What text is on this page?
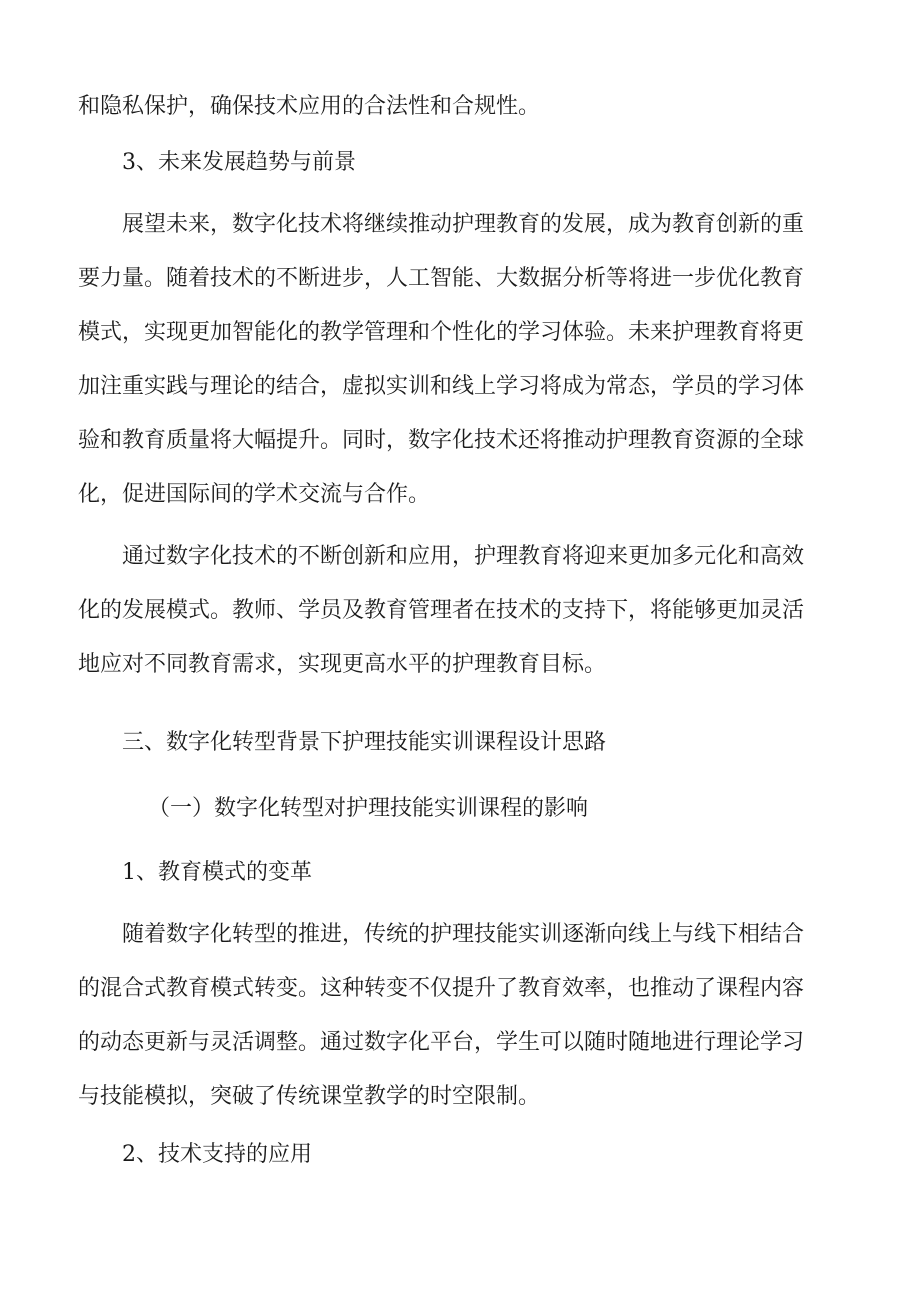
和隐私保护，确保技术应用的合法性和合规性。
3、未来发展趋势与前景
展望未来，数字化技术将继续推动护理教育的发展，成为教育创新的重
要力量。随着技术的不断进步，人工智能、大数据分析等将进一步优化教育
模式，实现更加智能化的教学管理和个性化的学习体验。未来护理教育将更
加注重实践与理论的结合，虚拟实训和线上学习将成为常态，学员的学习体
验和教育质量将大幅提升。同时，数字化技术还将推动护理教育资源的全球
化，促进国际间的学术交流与合作。
通过数字化技术的不断创新和应用，护理教育将迎来更加多元化和高效
化的发展模式。教师、学员及教育管理者在技术的支持下，将能够更加灵活
地应对不同教育需求，实现更高水平的护理教育目标。
三、数字化转型背景下护理技能实训课程设计思路
（一）数字化转型对护理技能实训课程的影响
1、教育模式的变革
随着数字化转型的推进，传统的护理技能实训逐渐向线上与线下相结合
的混合式教育模式转变。这种转变不仅提升了教育效率，也推动了课程内容
的动态更新与灵活调整。通过数字化平台，学生可以随时随地进行理论学习
与技能模拟，突破了传统课堂教学的时空限制。
2、技术支持的应用
